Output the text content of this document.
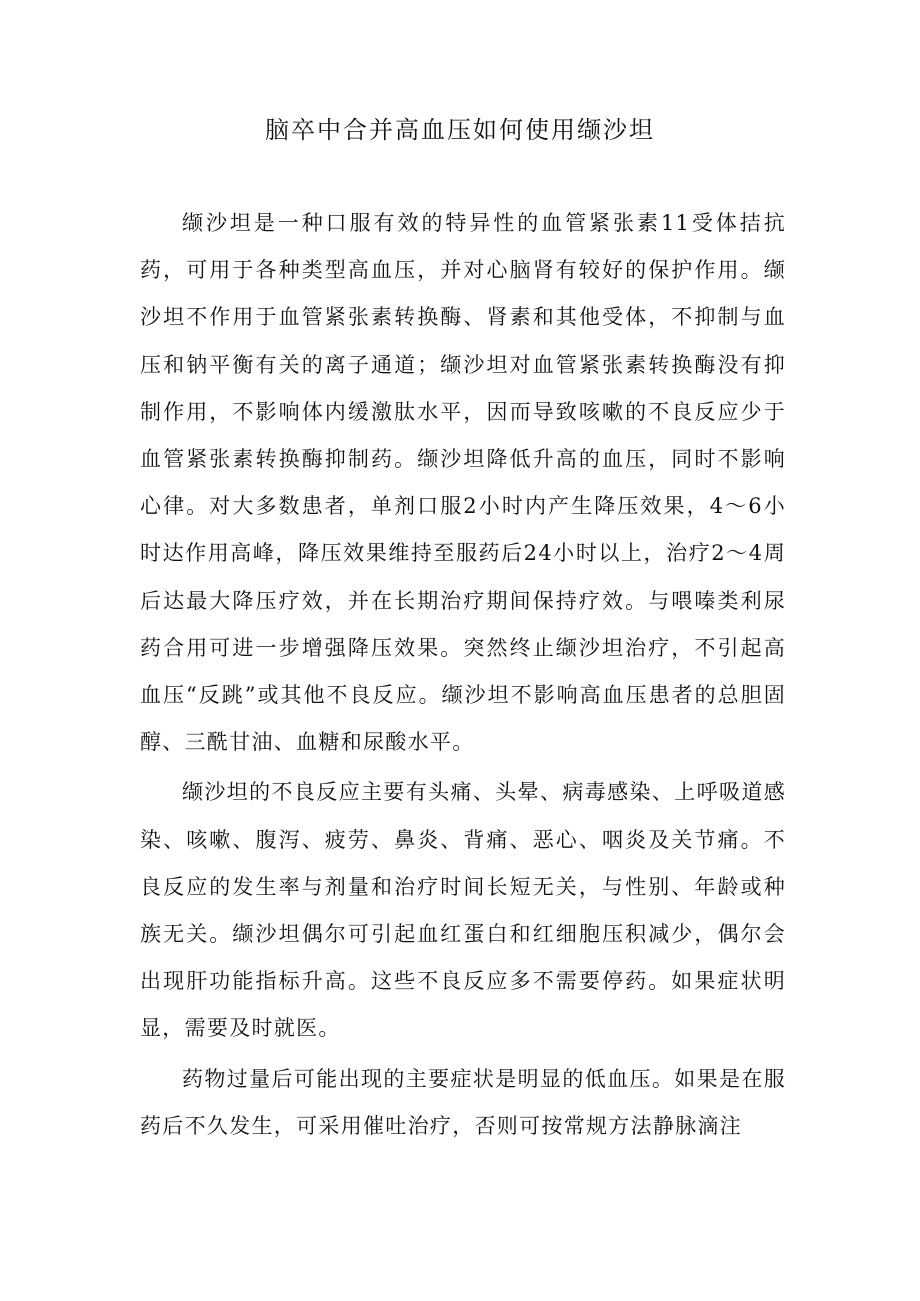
脑卒中合并高血压如何使用缬沙坦

缬沙坦是一种口服有效的特异性的血管紧张素11受体拮抗药，可用于各种类型高血压，并对心脑肾有较好的保护作用。缬沙坦不作用于血管紧张素转换酶、肾素和其他受体，不抑制与血压和钠平衡有关的离子通道；缬沙坦对血管紧张素转换酶没有抑制作用，不影响体内缓激肽水平，因而导致咳嗽的不良反应少于血管紧张素转换酶抑制药。缬沙坦降低升高的血压，同时不影响心律。对大多数患者，单剂口服2小时内产生降压效果，4～6小时达作用高峰，降压效果维持至服药后24小时以上，治疗2～4周后达最大降压疗效，并在长期治疗期间保持疗效。与喂嗪类利尿药合用可进一步增强降压效果。突然终止缬沙坦治疗，不引起高血压“反跳”或其他不良反应。缬沙坦不影响高血压患者的总胆固醇、三酰甘油、血糖和尿酸水平。

缬沙坦的不良反应主要有头痛、头晕、病毒感染、上呼吸道感染、咳嗽、腹泻、疲劳、鼻炎、背痛、恶心、咽炎及关节痛。不良反应的发生率与剂量和治疗时间长短无关，与性别、年龄或种族无关。缬沙坦偶尔可引起血红蛋白和红细胞压积减少，偶尔会出现肝功能指标升高。这些不良反应多不需要停药。如果症状明显，需要及时就医。

药物过量后可能出现的主要症状是明显的低血压。如果是在服药后不久发生，可采用催吐治疗，否则可按常规方法静脉滴注
